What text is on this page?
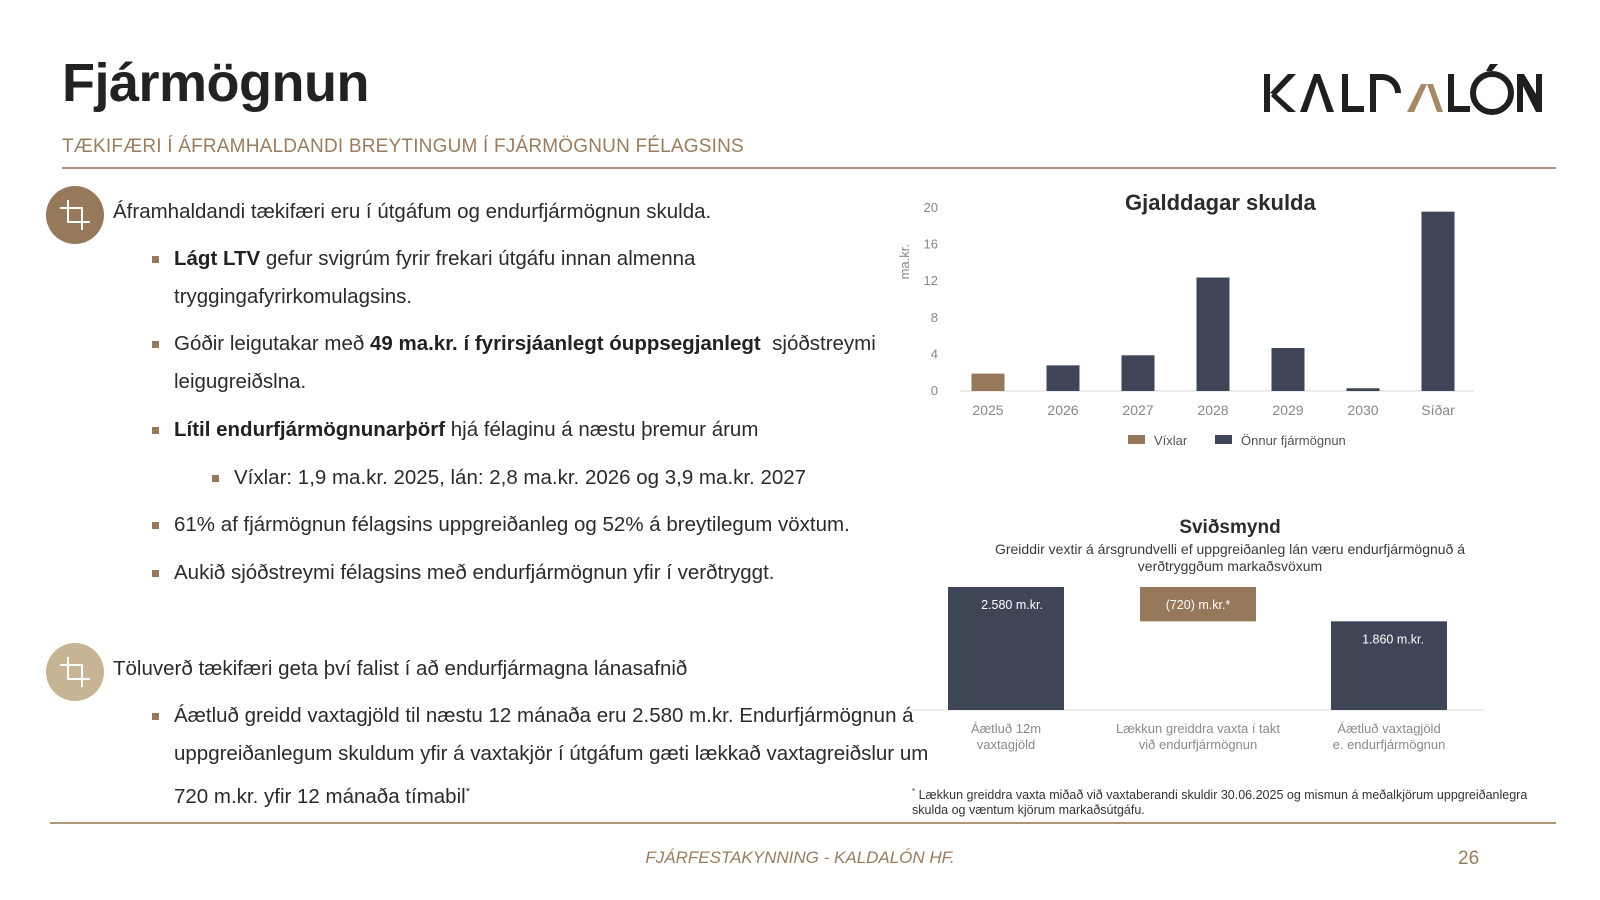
Fjármögnun
TÆKIFÆRI Í ÁFRAMHALDANDI BREYTINGUM Í FJÁRMÖGNUN FÉLAGSINS
Áframhaldandi tækifæri eru í útgáfum og endurfjármögnun skulda.
Lágt LTV gefur svigrúm fyrir frekari útgáfu innan almenna tryggingafyrirkomulagsins.
Góðir leigutakar með 49 ma.kr. í fyrirsjáanlegt óuppsegjanlegt  sjóðstreymi leigugreiðslna.
Lítil endurfjármögnunarþörf hjá félaginu á næstu þremur árum
Víxlar: 1,9 ma.kr. 2025, lán: 2,8 ma.kr. 2026 og 3,9 ma.kr. 2027
61% af fjármögnun félagsins uppgreiðanleg og 52% á breytilegum vöxtum.
Aukið sjóðstreymi félagsins með endurfjármögnun yfir í verðtryggt.
Töluverð tækifæri geta því falist í að endurfjármagna lánasafnið
Áætluð greidd vaxtagjöld til næstu 12 mánaða eru 2.580 m.kr. Endurfjármögnun á uppgreiðanlegum skuldum yfir á vaxtakjör í útgáfum gæti lækkað vaxtagreiðslur um 720 m.kr. yfir 12 mánaða tímabil*
Gjalddagar skulda
ma.kr.
0
4
8
12
16
20
2025	2026	2027	2028	2029	2030	Síðar
Víxlar	Önnur fjármögnun
Sviðsmynd
Greiddir vextir á ársgrundvelli ef uppgreiðanleg lán væru endurfjármögnuð á verðtryggðum markaðsvöxum
2.580 m.kr.
Áætluð 12m
vaxtagjöld
(720) m.kr.*
Lækkun greiddra vaxta í takt
við endurfjármögnun
1.860 m.kr.
Áætluð vaxtagjöld
e. endurfjármögnun
* Lækkun greiddra vaxta miðað við vaxtaberandi skuldir 30.06.2025 og mismun á meðalkjörum uppgreiðanlegra skulda og væntum kjörum markaðsútgáfu.
FJÁRFESTAKYNNING - KALDALÓN HF.	26
